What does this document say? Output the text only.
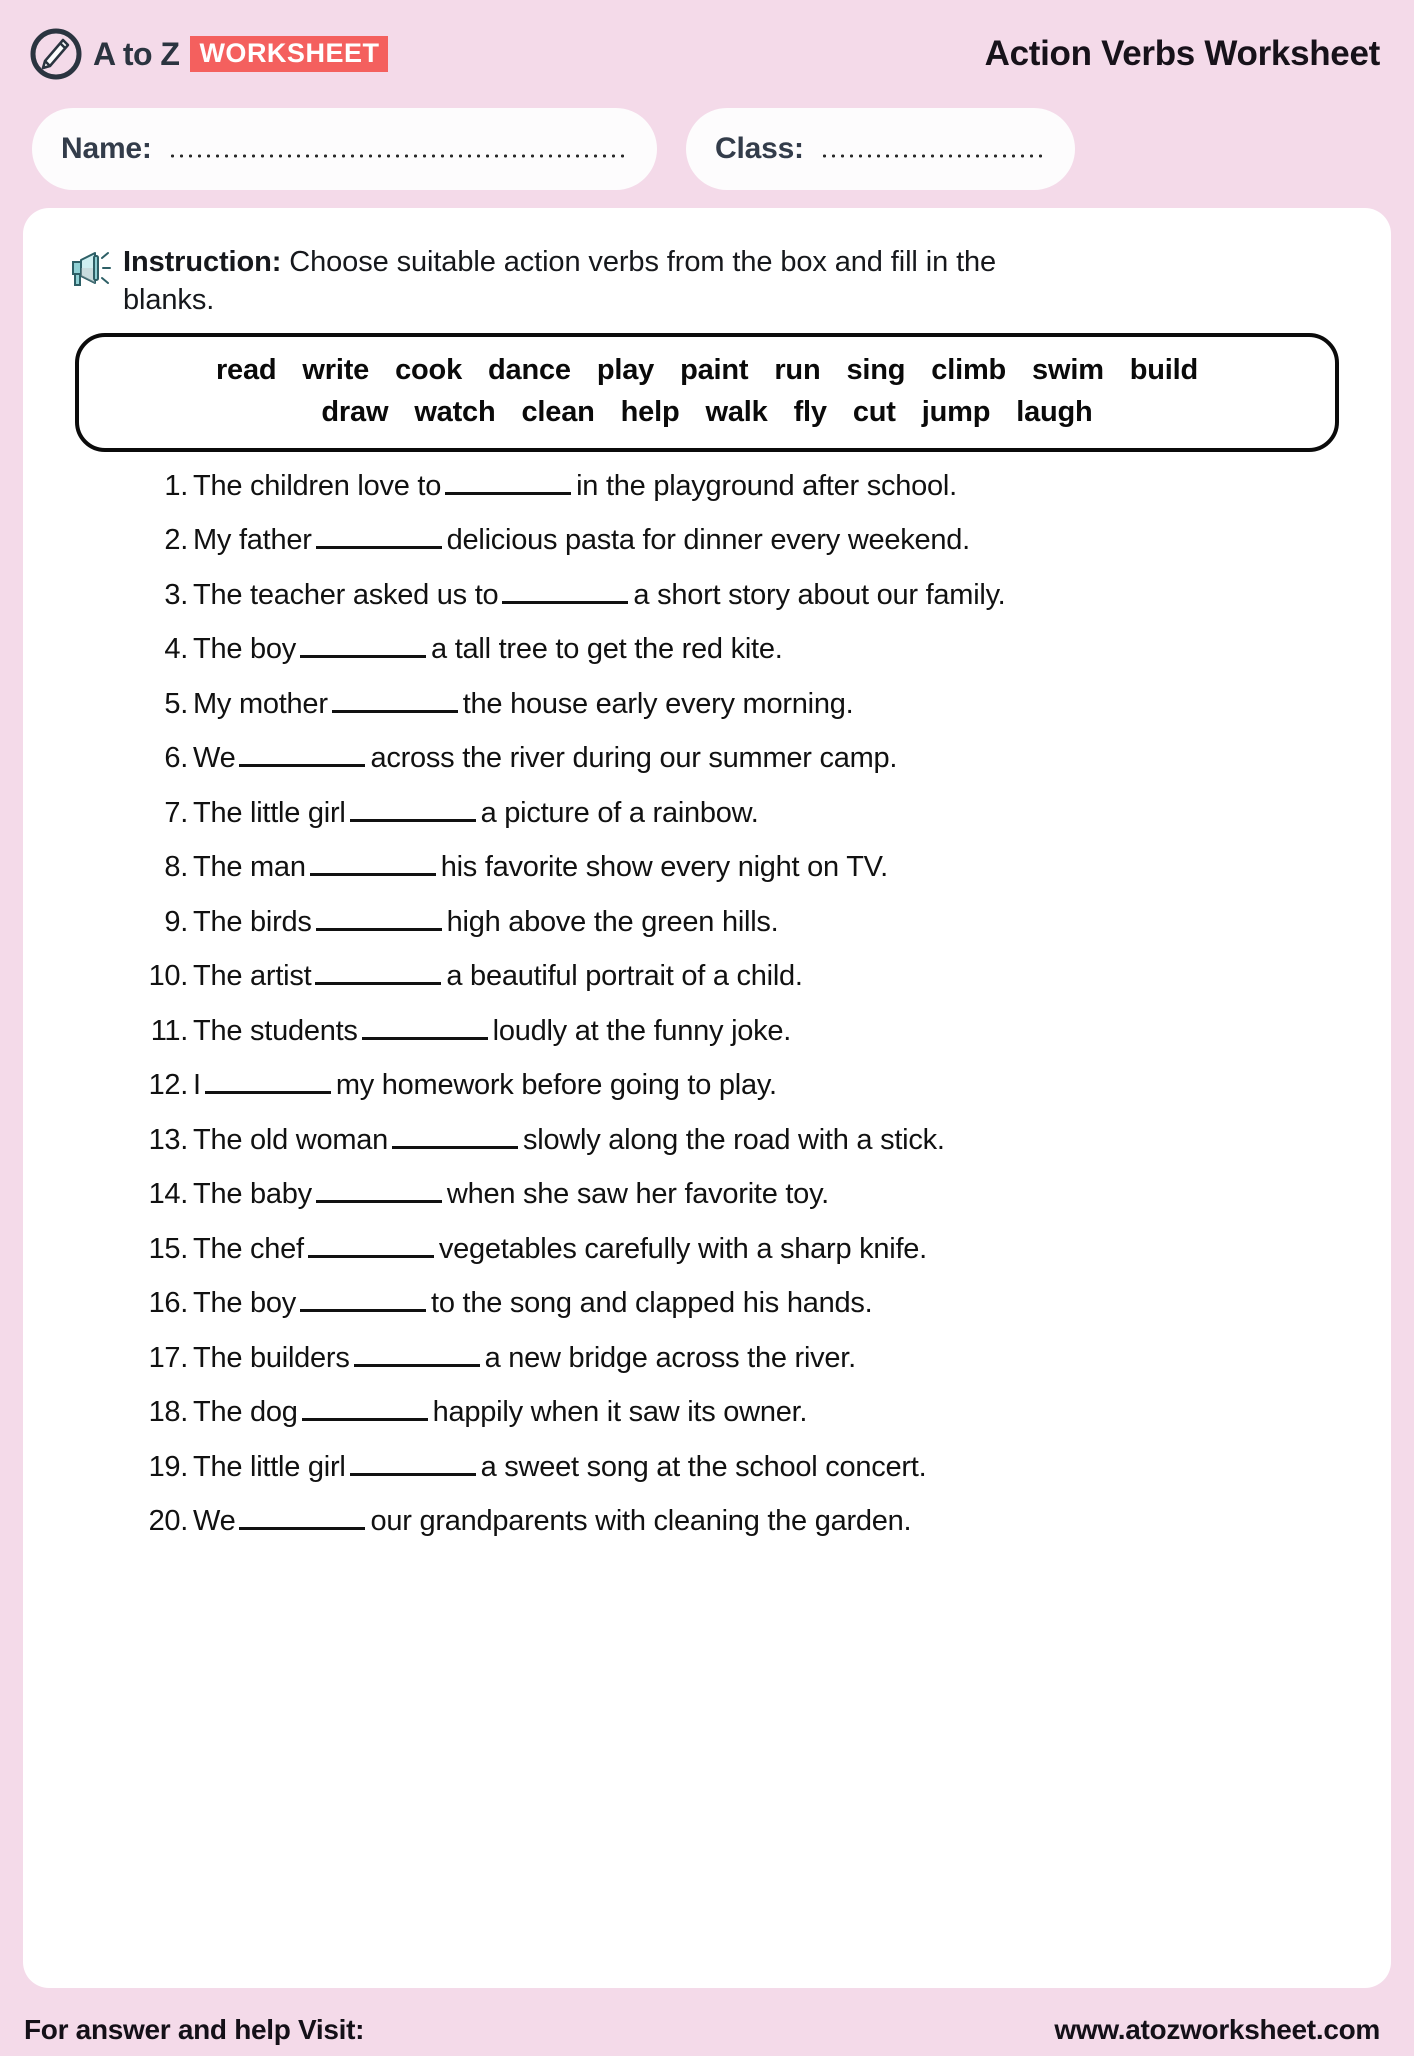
A to Z WORKSHEET	Action Verbs Worksheet
Name:	Class:
Instruction: Choose suitable action verbs from the box and fill in the blanks.
read write cook dance play paint run sing climb swim build
draw watch clean help walk fly cut jump laugh
1. The children love to	in the playground after school.
2. My father	delicious pasta for dinner every weekend.
3. The teacher asked us to	a short story about our family.
4. The boy	a tall tree to get the red kite.
5. My mother	the house early every morning.
6. We	across the river during our summer camp.
7. The little girl	a picture of a rainbow.
8. The man	his favorite show every night on TV.
9. The birds	high above the green hills.
10. The artist	a beautiful portrait of a child.
11. The students	loudly at the funny joke.
12. I	my homework before going to play.
13. The old woman	slowly along the road with a stick.
14. The baby	when she saw her favorite toy.
15. The chef	vegetables carefully with a sharp knife.
16. The boy	to the song and clapped his hands.
17. The builders	a new bridge across the river.
18. The dog	happily when it saw its owner.
19. The little girl	a sweet song at the school concert.
20. We	our grandparents with cleaning the garden.
For answer and help Visit:	www.atozworksheet.com
